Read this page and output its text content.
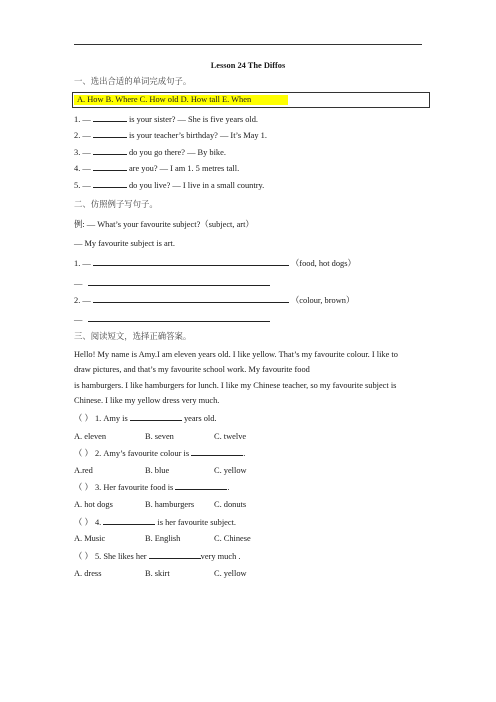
Lesson 24 The Diffos
一、选出合适的单词完成句子。
A. How B. Where C. How old D. How tall E. When
1. —	is your sister? — She is five years old.
2. —	is your teacher’s birthday? — It’s May 1.
3. —	do you go there? — By bike.
4. —	are you? — I am 1. 5 metres tall.
5. —	do you live? — I live in a small country.
二、仿照例子写句子。
例: — What’s your favourite subject?（subject, art）
— My favourite subject is art.
1. —	（food, hot dogs）
—
2. —	（colour, brown）
—
三、阅读短文，选择正确答案。
Hello! My name is Amy.I am eleven years old. I like yellow. That’s my favourite colour. I like to
draw pictures, and that’s my favourite school work. My favourite food
is hamburgers. I like hamburgers for lunch. I like my Chinese teacher, so my favourite subject is
Chinese. I like my yellow dress very much.
（ ） 1. Amy is	years old.
A. eleven	B. seven	C. twelve
（ ） 2. Amy’s favourite colour is	.
A.red	B. blue	C. yellow
（ ） 3. Her favourite food is	.
A. hot dogs	B. hamburgers C. donuts
（ ） 4.	is her favourite subject.
A. Music	B. English	C. Chinese
（ ） 5. She likes her	very much .
A. dress	B. skirt	C. yellow
